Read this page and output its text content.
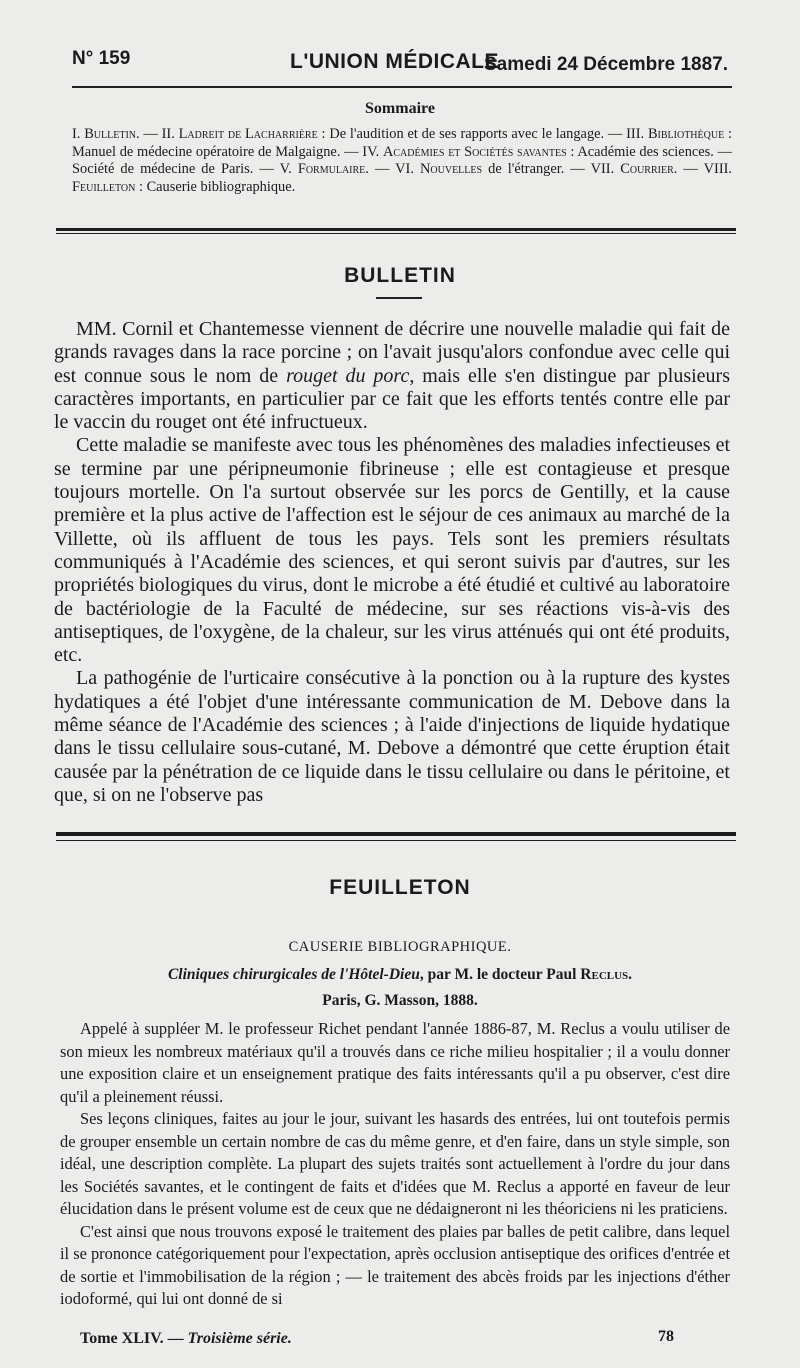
N° 159	L'UNION MÉDICALE
Samedi 24 Décembre 1887.
Sommaire
I. Bulletin. — II. Ladreit de Lacharrière : De l'audition et de ses rapports avec le langage. — III. Bibliothèque : Manuel de médecine opératoire de Malgaigne. — IV. Académies et Sociétés savantes : Académie des sciences. — Société de médecine de Paris. — V. Formulaire. — VI. Nouvelles de l'étranger. — VII. Courrier. — VIII. Feuilleton : Causerie bibliographique.
BULLETIN

MM. Cornil et Chantemesse viennent de décrire une nouvelle maladie qui fait de grands ravages dans la race porcine ; on l'avait jusqu'alors confondue avec celle qui est connue sous le nom de rouget du porc, mais elle s'en distingue par plusieurs caractères importants, en particulier par ce fait que les efforts tentés contre elle par le vaccin du rouget ont été infructueux.

Cette maladie se manifeste avec tous les phénomènes des maladies infectieuses et se termine par une péripneumonie fibrineuse ; elle est contagieuse et presque toujours mortelle. On l'a surtout observée sur les porcs de Gentilly, et la cause première et la plus active de l'affection est le séjour de ces animaux au marché de la Villette, où ils affluent de tous les pays. Tels sont les premiers résultats communiqués à l'Académie des sciences, et qui seront suivis par d'autres, sur les propriétés biologiques du virus, dont le microbe a été étudié et cultivé au laboratoire de bactériologie de la Faculté de médecine, sur ses réactions vis-à-vis des antiseptiques, de l'oxygène, de la chaleur, sur les virus atténués qui ont été produits, etc.

La pathogénie de l'urticaire consécutive à la ponction ou à la rupture des kystes hydatiques a été l'objet d'une intéressante communication de M. Debove dans la même séance de l'Académie des sciences ; à l'aide d'injections de liquide hydatique dans le tissu cellulaire sous-cutané, M. Debove a démontré que cette éruption était causée par la pénétration de ce liquide dans le tissu cellulaire ou dans le péritoine, et que, si on ne l'observe pas

FEUILLETON
CAUSERIE BIBLIOGRAPHIQUE.
Cliniques chirurgicales de l'Hôtel-Dieu, par M. le docteur Paul Reclus.
Paris, G. Masson, 1888.

Appelé à suppléer M. le professeur Richet pendant l'année 1886-87, M. Reclus a voulu utiliser de son mieux les nombreux matériaux qu'il a trouvés dans ce riche milieu hospitalier ; il a voulu donner une exposition claire et un enseignement pratique des faits intéressants qu'il a pu observer, c'est dire qu'il a pleinement réussi.

Ses leçons cliniques, faites au jour le jour, suivant les hasards des entrées, lui ont toutefois permis de grouper ensemble un certain nombre de cas du même genre, et d'en faire, dans un style simple, son idéal, une description complète. La plupart des sujets traités sont actuellement à l'ordre du jour dans les Sociétés savantes, et le contingent de faits et d'idées que M. Reclus a apporté en faveur de leur élucidation dans le présent volume est de ceux que ne dédaigneront ni les théoriciens ni les praticiens.

C'est ainsi que nous trouvons exposé le traitement des plaies par balles de petit calibre, dans lequel il se prononce catégoriquement pour l'expectation, après occlusion antiseptique des orifices d'entrée et de sortie et l'immobilisation de la région ; — le traitement des abcès froids par les injections d'éther iodoformé, qui lui ont donné de si

Tome XLIV. — Troisième série.	78
